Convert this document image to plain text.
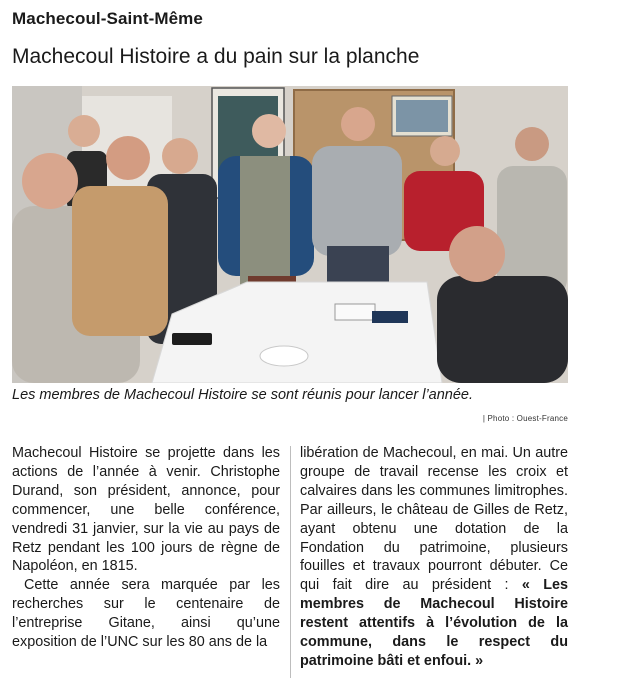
Machecoul-Saint-Même
Machecoul Histoire a du pain sur la planche
Les membres de Machecoul Histoire se sont réunis pour lancer l’année.
| Photo : Ouest-France

Machecoul Histoire se projette dans les actions de l’année à venir. Christophe Durand, son président, annonce, pour commencer, une belle conférence, vendredi 31 janvier, sur la vie au pays de Retz pendant les 100 jours de règne de Napoléon, en 1815.

Cette année sera marquée par les recherches sur le centenaire de l’entreprise Gitane, ainsi qu’une exposition de l’UNC sur les 80 ans de la

libération de Machecoul, en mai. Un autre groupe de travail recense les croix et calvaires dans les communes limitrophes. Par ailleurs, le château de Gilles de Retz, ayant obtenu une dotation de la Fondation du patrimoine, plusieurs fouilles et travaux pourront débuter. Ce qui fait dire au président : « Les membres de Machecoul Histoire restent attentifs à l’évolution de la commune, dans le respect du patrimoine bâti et enfoui. »
